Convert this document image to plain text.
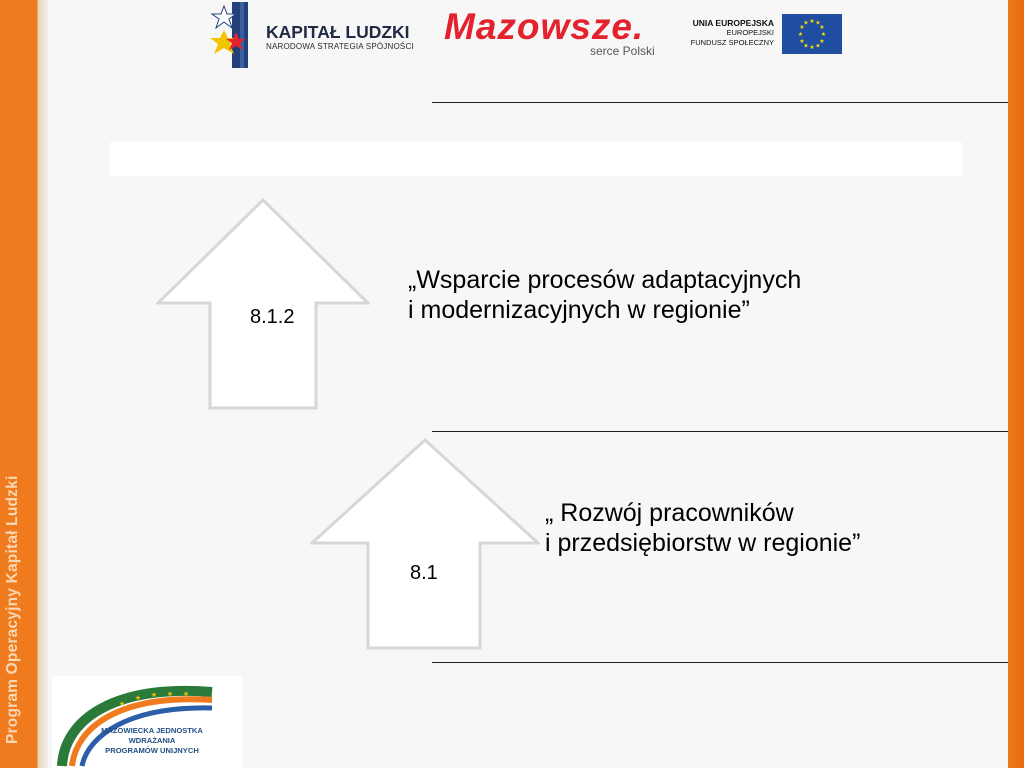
Program Operacyjny Kapitał Ludzki
KAPITAŁ LUDZKI
NARODOWA STRATEGIA SPÓJNOŚCI Mazowsze.
serce Polski
UNIA EUROPEJSKA
EUROPEJSKI
FUNDUSZ SPOŁECZNY
★ ★
★
★
★
★
★
★
★
★
★
★
8.1.2
„Wsparcie procesów adaptacyjnych
i modernizacyjnych w regionie”
8.1
„ Rozwój pracowników
i przedsiębiorstw w regionie”
★
★ ★ ★ ★
MAZOWIECKA JEDNOSTKA
WDRAŻANIA
PROGRAMÓW UNIJNYCH
